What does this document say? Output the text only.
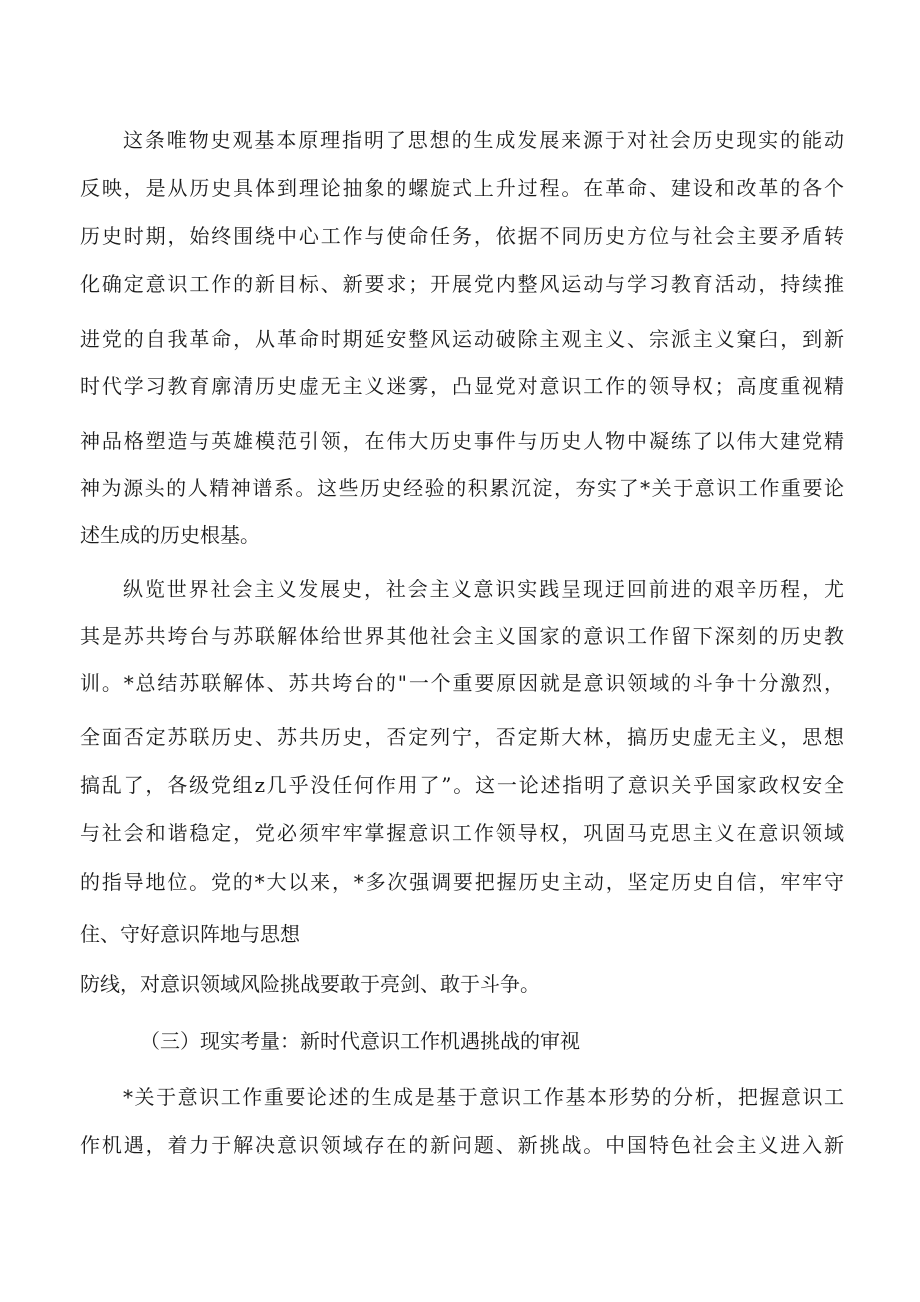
这条唯物史观基本原理指明了思想的生成发展来源于对社会历史现实的能动
反映，是从历史具体到理论抽象的螺旋式上升过程。在革命、建设和改革的各个
历史时期，始终围绕中心工作与使命任务，依据不同历史方位与社会主要矛盾转
化确定意识工作的新目标、新要求；开展党内整风运动与学习教育活动，持续推
进党的自我革命，从革命时期延安整风运动破除主观主义、宗派主义窠臼，到新
时代学习教育廓清历史虚无主义迷雾，凸显党对意识工作的领导权；高度重视精
神品格塑造与英雄模范引领，在伟大历史事件与历史人物中凝练了以伟大建党精
神为源头的人精神谱系。这些历史经验的积累沉淀，夯实了*关于意识工作重要论
述生成的历史根基。
纵览世界社会主义发展史，社会主义意识实践呈现迂回前进的艰辛历程，尤
其是苏共垮台与苏联解体给世界其他社会主义国家的意识工作留下深刻的历史教
训。*总结苏联解体、苏共垮台的"一个重要原因就是意识领域的斗争十分激烈，
全面否定苏联历史、苏共历史，否定列宁，否定斯大林，搞历史虚无主义，思想
搞乱了，各级党组z几乎没任何作用了”。这一论述指明了意识关乎国家政权安全
与社会和谐稳定，党必须牢牢掌握意识工作领导权，巩固马克思主义在意识领域
的指导地位。党的*大以来，*多次强调要把握历史主动，坚定历史自信，牢牢守
住、守好意识阵地与思想
防线，对意识领域风险挑战要敢于亮剑、敢于斗争。
（三）现实考量：新时代意识工作机遇挑战的审视
*关于意识工作重要论述的生成是基于意识工作基本形势的分析，把握意识工
作机遇，着力于解决意识领域存在的新问题、新挑战。中国特色社会主义进入新
